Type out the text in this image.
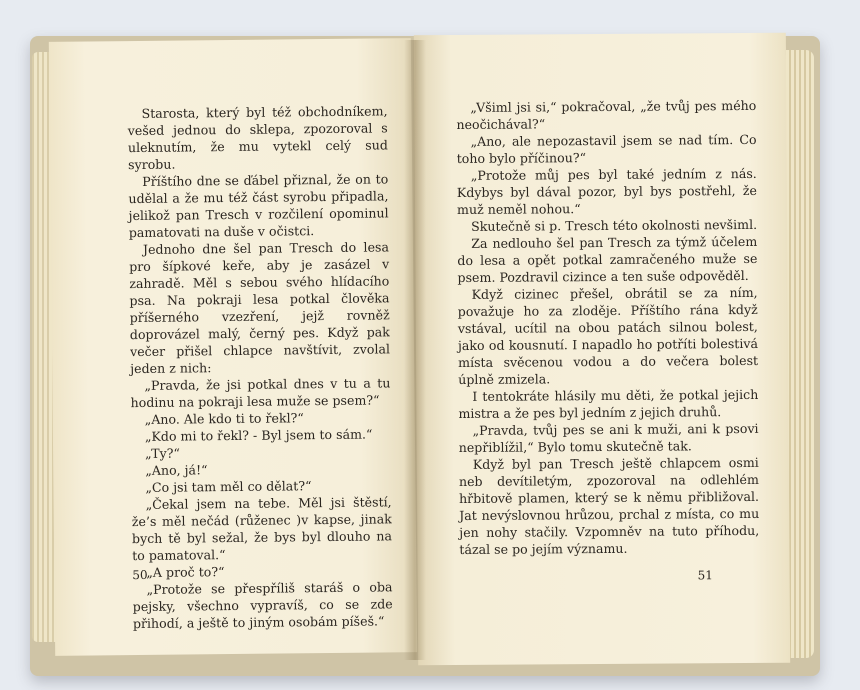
Starosta, který byl též obchodníkem, vešed jednou do sklepa, zpozoroval s uleknutím, že mu vytekl celý sud syrobu.

Příštího dne se ďábel přiznal, že on to udělal a že mu též část syrobu připadla, jelikož pan Tresch v rozčilení opominul pamatovati na duše v očistci.

Jednoho dne šel pan Tresch do lesa pro šípkové keře, aby je zasázel v zahradě. Měl s sebou svého hlídacího psa. Na pokraji lesa potkal člověka příšerného vzezření, jejž rovněž doprovázel malý, černý pes. Když pak večer přišel chlapce navštívit, zvolal jeden z nich:

„Pravda, že jsi potkal dnes v tu a tu hodinu na pokraji lesa muže se psem?“

„Ano. Ale kdo ti to řekl?“

„Kdo mi to řekl? - Byl jsem to sám.“

„Ty?“

„Ano, já!“

„Co jsi tam měl co dělat?“

„Čekal jsem na tebe. Měl jsi štěstí, že’s měl nečád (růženec )v kapse, jinak bych tě byl sežal, že bys byl dlouho na to pamatoval.“

„A proč to?“

„Protože se přespříliš staráš o oba pejsky, všechno vypravíš, co se zde přihodí, a ještě to jiným osobám píšeš.“

50

„Všiml jsi si,“ pokračoval, „že tvůj pes mého neočichával?“

„Ano, ale nepozastavil jsem se nad tím. Co toho bylo příčinou?“

„Protože můj pes byl také jedním z nás. Kdybys byl dával pozor, byl bys postřehl, že muž neměl nohou.“

Skutečně si p. Tresch této okolnosti nevšiml.

Za nedlouho šel pan Tresch za týmž účelem do lesa a opět potkal zamračeného muže se psem. Pozdravil cizince a ten suše odpověděl.

Když cizinec přešel, obrátil se za ním, považuje ho za zloděje. Příštího rána když vstával, ucítil na obou patách silnou bolest, jako od kousnutí. I napadlo ho potříti bolestivá místa svěcenou vodou a do večera bolest úplně zmizela.

I tentokráte hlásily mu děti, že potkal jejich mistra a že pes byl jedním z jejich druhů.

„Pravda, tvůj pes se ani k muži, ani k psovi nepřiblížil,“ Bylo tomu skutečně tak.

Když byl pan Tresch ještě chlapcem osmi neb devítiletým, zpozoroval na odlehlém hřbitově plamen, který se k němu přibližoval. Jat nevýslovnou hrůzou, prchal z místa, co mu jen nohy stačily. Vzpomněv na tuto příhodu, tázal se po jejím významu.

51
